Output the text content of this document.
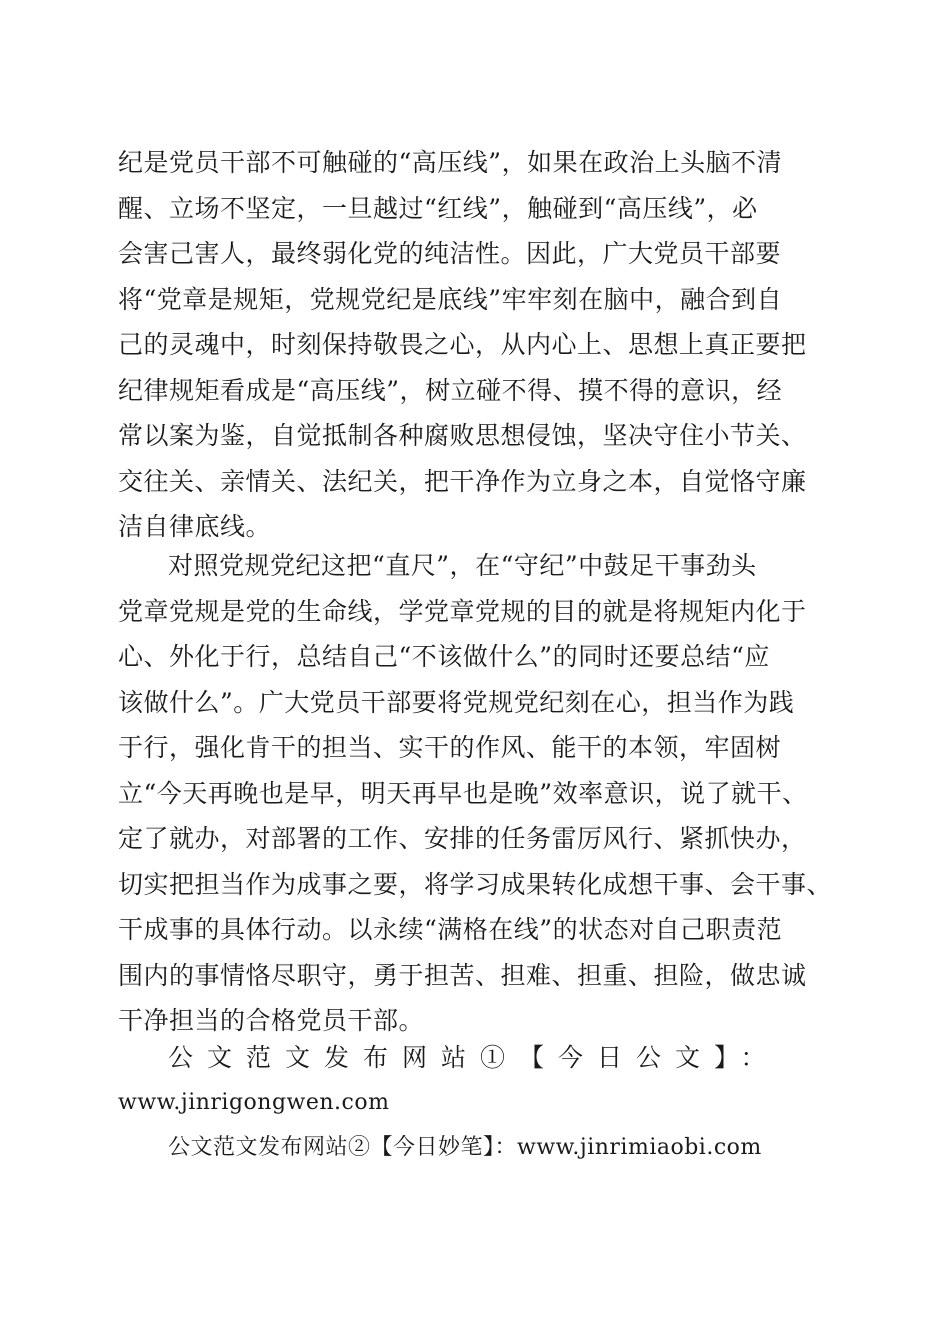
纪是党员干部不可触碰的“高压线”，如果在政治上头脑不清
醒、立场不坚定，一旦越过“红线”，触碰到“高压线”，必
会害己害人，最终弱化党的纯洁性。因此，广大党员干部要
将“党章是规矩，党规党纪是底线”牢牢刻在脑中，融合到自
己的灵魂中，时刻保持敬畏之心，从内心上、思想上真正要把
纪律规矩看成是“高压线”，树立碰不得、摸不得的意识，经
常以案为鉴，自觉抵制各种腐败思想侵蚀，坚决守住小节关、
交往关、亲情关、法纪关，把干净作为立身之本，自觉恪守廉
洁自律底线。
对照党规党纪这把“直尺”，在“守纪”中鼓足干事劲头
党章党规是党的生命线，学党章党规的目的就是将规矩内化于
心、外化于行，总结自己“不该做什么”的同时还要总结“应
该做什么”。广大党员干部要将党规党纪刻在心，担当作为践
于行，强化肯干的担当、实干的作风、能干的本领，牢固树
立“今天再晚也是早，明天再早也是晚”效率意识，说了就干、
定了就办，对部署的工作、安排的任务雷厉风行、紧抓快办，
切实把担当作为成事之要，将学习成果转化成想干事、会干事、
干成事的具体行动。以永续“满格在线”的状态对自己职责范
围内的事情恪尽职守，勇于担苦、担难、担重、担险，做忠诚
干净担当的合格党员干部。
公文范文发布网站①【今日公文】：
www.jinrigongwen.com
公文范文发布网站②【今日妙笔】：www.jinrimiaobi.com
